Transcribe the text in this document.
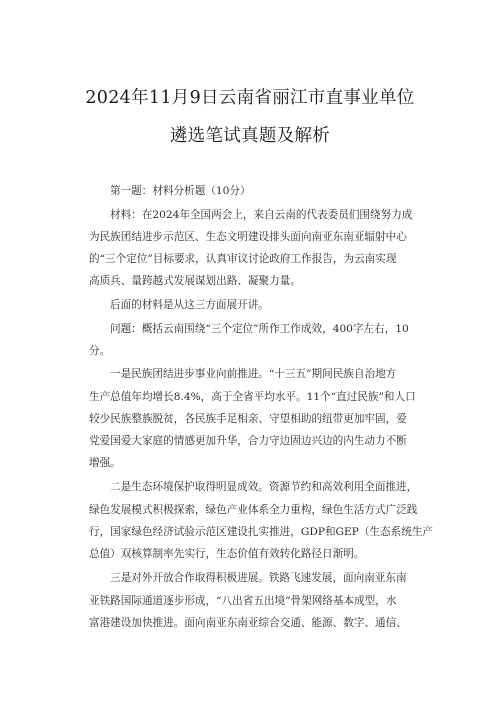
2024年11月9日云南省丽江市直事业单位
遴选笔试真题及解析
第一题：材料分析题（10分）
材料：在2024年全国两会上，来自云南的代表委员们围绕努力成
为民族团结进步示范区、生态文明建设排头面向南亚东南亚辐射中心
的“三个定位”目标要求，认真审议讨论政府工作报告，为云南实现
高质兵、量跨越式发展谋划出路、凝聚力量。
后面的材料是从这三方面展开讲。
问题：概括云南围绕“三个定位”所作工作成效，400字左右，10
分。
一是民族团结进步事业向前推进。“十三五”期间民族自治地方
生产总值年均增长8.4%，高于全省平均水平。11个“直过民族”和人口
较少民族整族脱贫，各民族手足相亲、守望相助的纽带更加牢固，爱
党爱国爱大家庭的情感更加升华，合力守边固边兴边的内生动力不断
增强。
二是生态环境保护取得明显成效。资源节约和高效利用全面推进，
绿色发展模式积极探索，绿色产业体系全力重构，绿色生活方式广泛践
行，国家绿色经济试验示范区建设扎实推进，GDP和GEP（生态系统生产
总值）双核算制率先实行，生态价值有效转化路径日渐明。
三是对外开放合作取得积极进展。铁路飞速发展，面向南亚东南
亚铁路国际通道逐步形成，“八出省五出境”骨架网络基本成型，水
富港建设加快推进。面向南亚东南亚综合交通、能源、数字、通信、
